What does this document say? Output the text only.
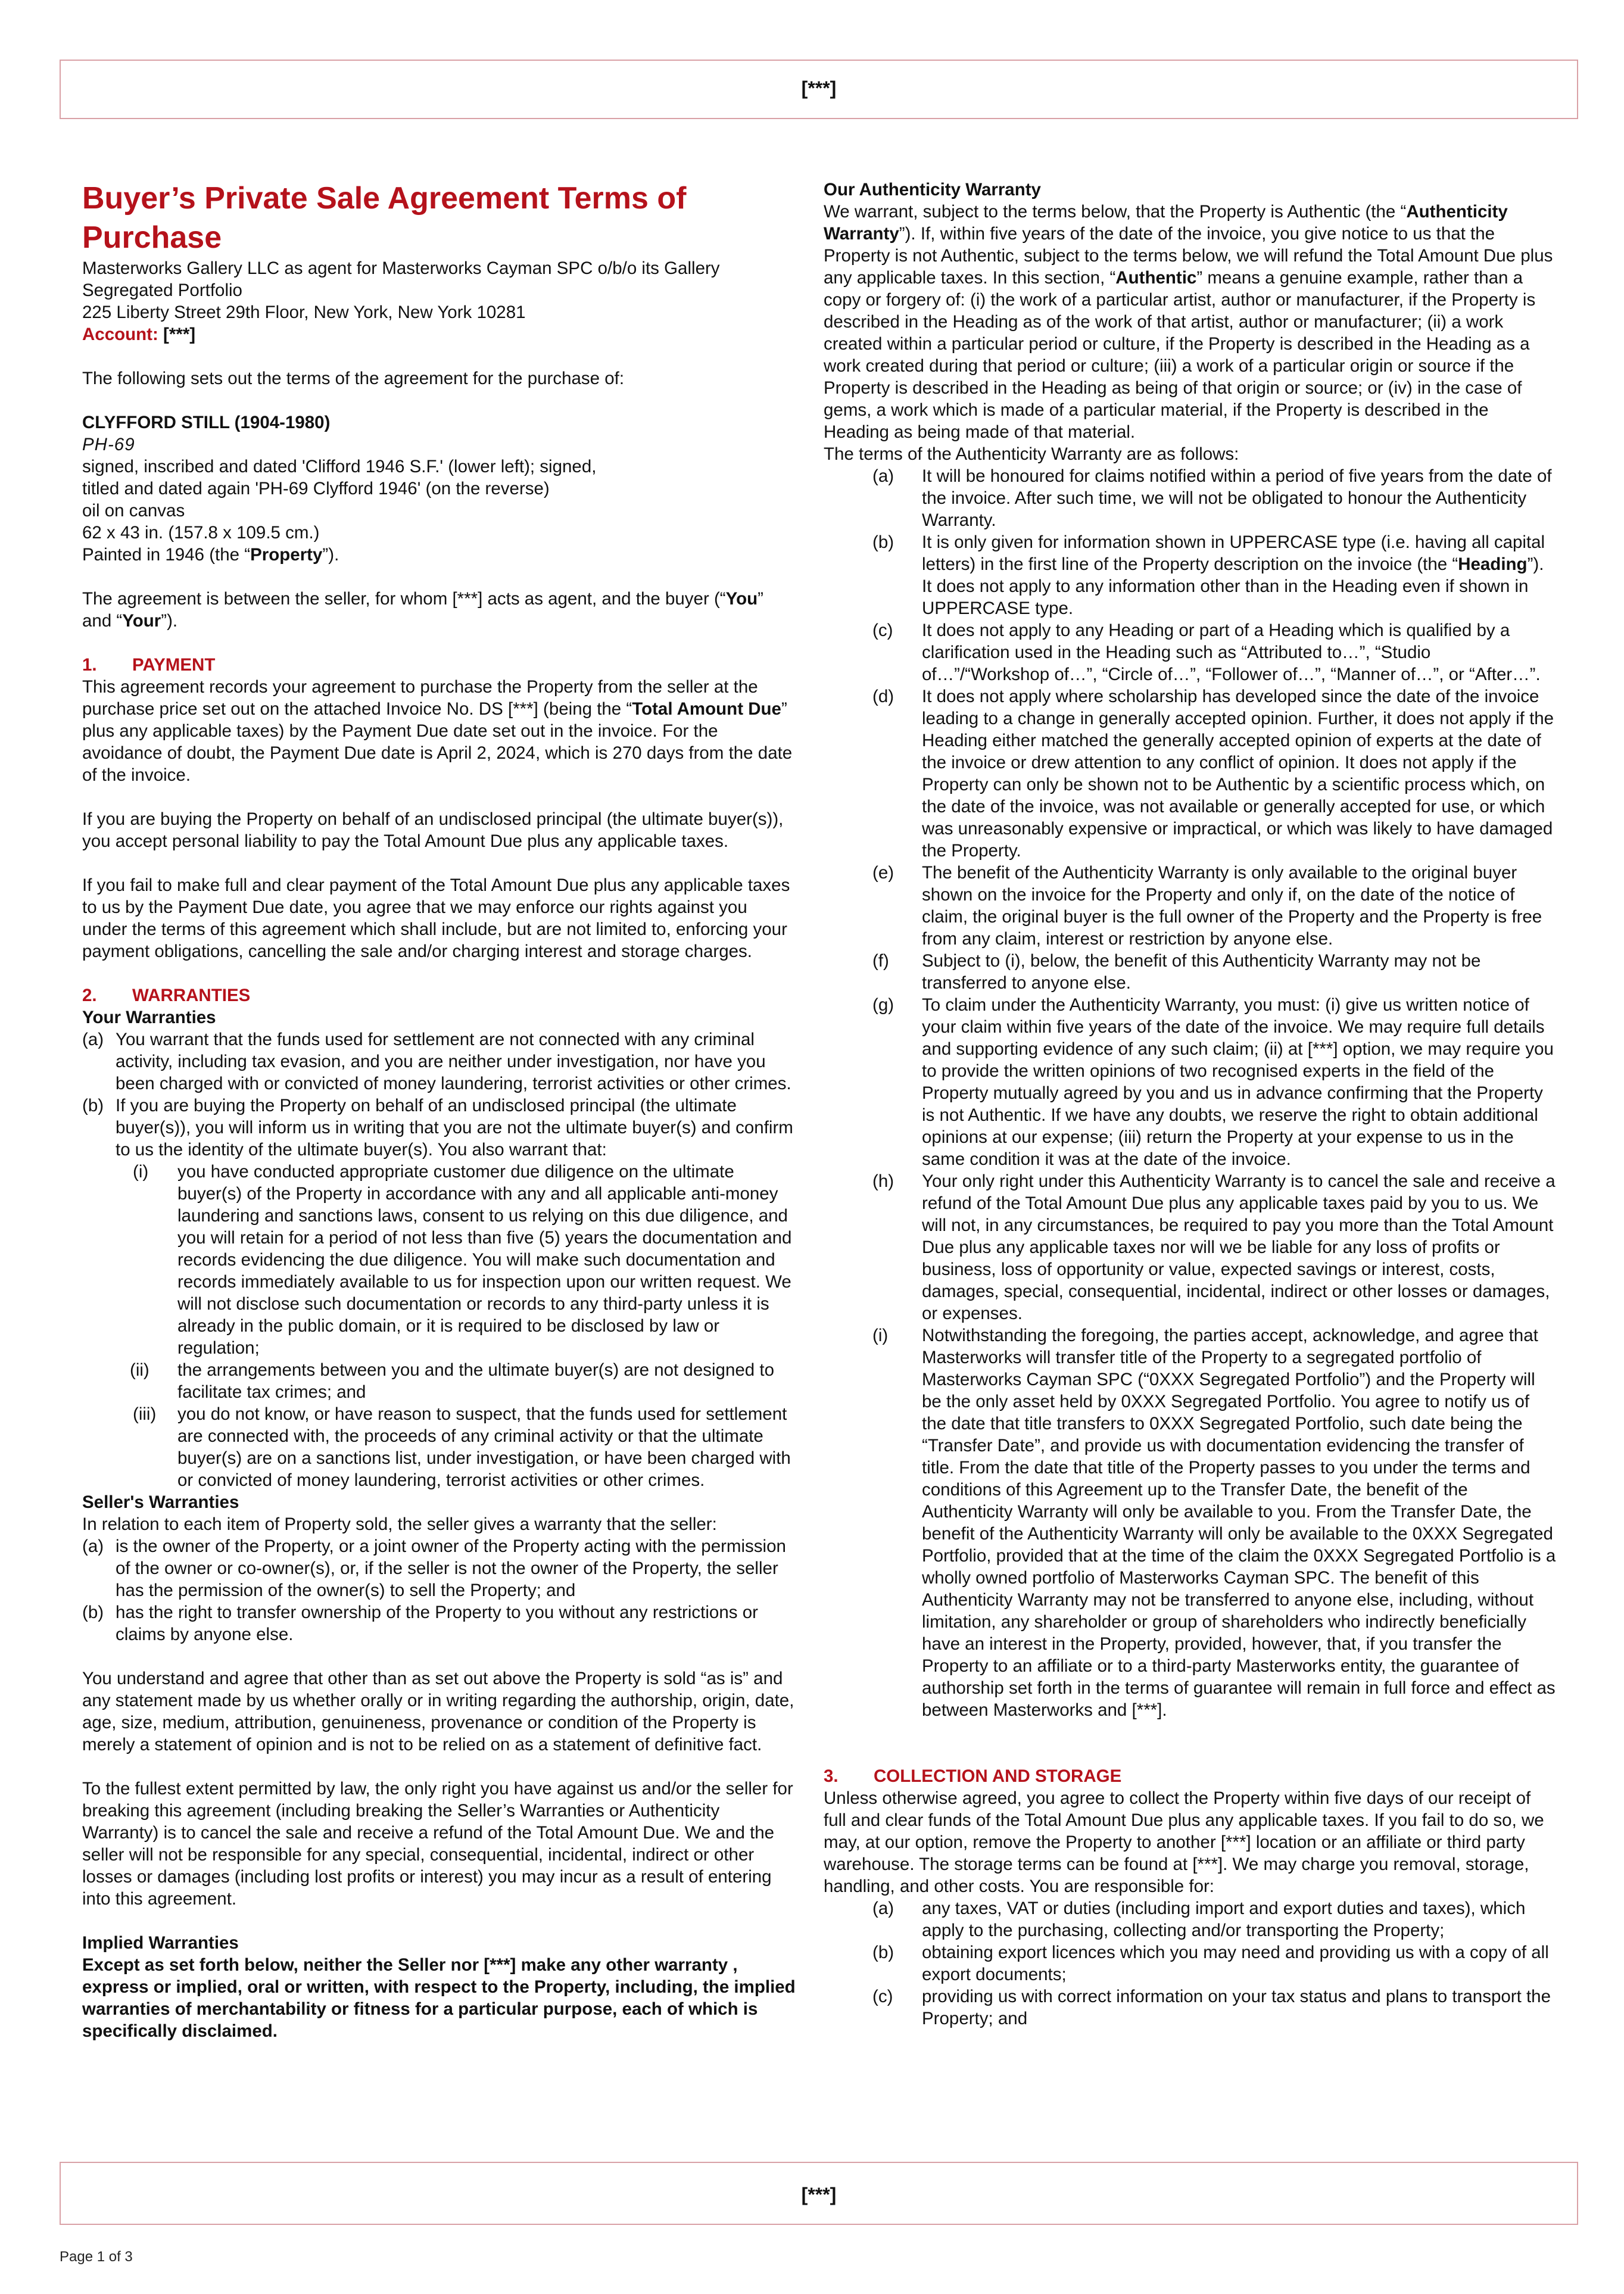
[***]
Buyer’s Private Sale Agreement Terms of Purchase

Masterworks Gallery LLC as agent for Masterworks Cayman SPC o/b/o its Gallery Segregated Portfolio

225 Liberty Street 29th Floor, New York, New York 10281

Account: [***]

The following sets out the terms of the agreement for the purchase of:

CLYFFORD STILL (1904-1980)

PH-69

signed, inscribed and dated 'Clifford 1946 S.F.' (lower left); signed,

titled and dated again 'PH-69 Clyfford 1946' (on the reverse)

oil on canvas

62 x 43 in. (157.8 x 109.5 cm.)

Painted in 1946 (the “Property”).

The agreement is between the seller, for whom [***] acts as agent, and the buyer (“You” and “Your”).

1. PAYMENT

This agreement records your agreement to purchase the Property from the seller at the purchase price set out on the attached Invoice No. DS [***] (being the “Total Amount Due” plus any applicable taxes) by the Payment Due date set out in the invoice. For the avoidance of doubt, the Payment Due date is April 2, 2024, which is 270 days from the date of the invoice.

If you are buying the Property on behalf of an undisclosed principal (the ultimate buyer(s)), you accept personal liability to pay the Total Amount Due plus any applicable taxes.

If you fail to make full and clear payment of the Total Amount Due plus any applicable taxes to us by the Payment Due date, you agree that we may enforce our rights against you under the terms of this agreement which shall include, but are not limited to, enforcing your payment obligations, cancelling the sale and/or charging interest and storage charges.

2. WARRANTIES

Your Warranties

(a) You warrant that the funds used for settlement are not connected with any criminal activity, including tax evasion, and you are neither under investigation, nor have you been charged with or convicted of money laundering, terrorist activities or other crimes.
(b) If you are buying the Property on behalf of an undisclosed principal (the ultimate buyer(s)), you will inform us in writing that you are not the ultimate buyer(s) and confirm to us the identity of the ultimate buyer(s). You also warrant that:
(i) you have conducted appropriate customer due diligence on the ultimate buyer(s) of the Property in accordance with any and all applicable anti-money laundering and sanctions laws, consent to us relying on this due diligence, and you will retain for a period of not less than five (5) years the documentation and records evidencing the due diligence. You will make such documentation and records immediately available to us for inspection upon our written request. We will not disclose such documentation or records to any third-party unless it is already in the public domain, or it is required to be disclosed by law or regulation;
(ii) the arrangements between you and the ultimate buyer(s) are not designed to facilitate tax crimes; and
(iii) you do not know, or have reason to suspect, that the funds used for settlement are connected with, the proceeds of any criminal activity or that the ultimate buyer(s) are on a sanctions list, under investigation, or have been charged with or convicted of money laundering, terrorist activities or other crimes.

Seller's Warranties

In relation to each item of Property sold, the seller gives a warranty that the seller:

(a) is the owner of the Property, or a joint owner of the Property acting with the permission of the owner or co-owner(s), or, if the seller is not the owner of the Property, the seller has the permission of the owner(s) to sell the Property; and
(b) has the right to transfer ownership of the Property to you without any restrictions or claims by anyone else.

You understand and agree that other than as set out above the Property is sold “as is” and any statement made by us whether orally or in writing regarding the authorship, origin, date, age, size, medium, attribution, genuineness, provenance or condition of the Property is merely a statement of opinion and is not to be relied on as a statement of definitive fact.

To the fullest extent permitted by law, the only right you have against us and/or the seller for breaking this agreement (including breaking the Seller’s Warranties or Authenticity Warranty) is to cancel the sale and receive a refund of the Total Amount Due. We and the seller will not be responsible for any special, consequential, incidental, indirect or other losses or damages (including lost profits or interest) you may incur as a result of entering into this agreement.

Implied Warranties

Except as set forth below, neither the Seller nor [***] make any other warranty , express or implied, oral or written, with respect to the Property, including, the implied warranties of merchantability or fitness for a particular purpose, each of which is specifically disclaimed.

Our Authenticity Warranty

We warrant, subject to the terms below, that the Property is Authentic (the “Authenticity Warranty”). If, within five years of the date of the invoice, you give notice to us that the Property is not Authentic, subject to the terms below, we will refund the Total Amount Due plus any applicable taxes. In this section, “Authentic” means a genuine example, rather than a copy or forgery of: (i) the work of a particular artist, author or manufacturer, if the Property is described in the Heading as of the work of that artist, author or manufacturer; (ii) a work created within a particular period or culture, if the Property is described in the Heading as a work created during that period or culture; (iii) a work of a particular origin or source if the Property is described in the Heading as being of that origin or source; or (iv) in the case of gems, a work which is made of a particular material, if the Property is described in the Heading as being made of that material.

The terms of the Authenticity Warranty are as follows:

(a) It will be honoured for claims notified within a period of five years from the date of the invoice. After such time, we will not be obligated to honour the Authenticity Warranty.
(b) It is only given for information shown in UPPERCASE type (i.e. having all capital letters) in the first line of the Property description on the invoice (the “Heading”). It does not apply to any information other than in the Heading even if shown in UPPERCASE type.
(c) It does not apply to any Heading or part of a Heading which is qualified by a clarification used in the Heading such as “Attributed to…”, “Studio of…”/“Workshop of…”, “Circle of…”, “Follower of…”, “Manner of…”, or “After…”.
(d) It does not apply where scholarship has developed since the date of the invoice leading to a change in generally accepted opinion. Further, it does not apply if the Heading either matched the generally accepted opinion of experts at the date of the invoice or drew attention to any conflict of opinion. It does not apply if the Property can only be shown not to be Authentic by a scientific process which, on the date of the invoice, was not available or generally accepted for use, or which was unreasonably expensive or impractical, or which was likely to have damaged the Property.
(e) The benefit of the Authenticity Warranty is only available to the original buyer shown on the invoice for the Property and only if, on the date of the notice of claim, the original buyer is the full owner of the Property and the Property is free from any claim, interest or restriction by anyone else.
(f) Subject to (i), below, the benefit of this Authenticity Warranty may not be transferred to anyone else.
(g) To claim under the Authenticity Warranty, you must: (i) give us written notice of your claim within five years of the date of the invoice. We may require full details and supporting evidence of any such claim; (ii) at [***] option, we may require you to provide the written opinions of two recognised experts in the field of the Property mutually agreed by you and us in advance confirming that the Property is not Authentic. If we have any doubts, we reserve the right to obtain additional opinions at our expense; (iii) return the Property at your expense to us in the same condition it was at the date of the invoice.
(h) Your only right under this Authenticity Warranty is to cancel the sale and receive a refund of the Total Amount Due plus any applicable taxes paid by you to us. We will not, in any circumstances, be required to pay you more than the Total Amount Due plus any applicable taxes nor will we be liable for any loss of profits or business, loss of opportunity or value, expected savings or interest, costs, damages, special, consequential, incidental, indirect or other losses or damages, or expenses.
(i) Notwithstanding the foregoing, the parties accept, acknowledge, and agree that Masterworks will transfer title of the Property to a segregated portfolio of Masterworks Cayman SPC (“0XXX Segregated Portfolio”) and the Property will be the only asset held by 0XXX Segregated Portfolio. You agree to notify us of the date that title transfers to 0XXX Segregated Portfolio, such date being the “Transfer Date”, and provide us with documentation evidencing the transfer of title. From the date that title of the Property passes to you under the terms and conditions of this Agreement up to the Transfer Date, the benefit of the Authenticity Warranty will only be available to you. From the Transfer Date, the benefit of the Authenticity Warranty will only be available to the 0XXX Segregated Portfolio, provided that at the time of the claim the 0XXX Segregated Portfolio is a wholly owned portfolio of Masterworks Cayman SPC. The benefit of this Authenticity Warranty may not be transferred to anyone else, including, without limitation, any shareholder or group of shareholders who indirectly beneficially have an interest in the Property, provided, however, that, if you transfer the Property to an affiliate or to a third-party Masterworks entity, the guarantee of authorship set forth in the terms of guarantee will remain in full force and effect as between Masterworks and [***].

3. COLLECTION AND STORAGE

Unless otherwise agreed, you agree to collect the Property within five days of our receipt of full and clear funds of the Total Amount Due plus any applicable taxes. If you fail to do so, we may, at our option, remove the Property to another [***] location or an affiliate or third party warehouse. The storage terms can be found at [***]. We may charge you removal, storage, handling, and other costs. You are responsible for:

(a) any taxes, VAT or duties (including import and export duties and taxes), which apply to the purchasing, collecting and/or transporting the Property;
(b) obtaining export licences which you may need and providing us with a copy of all export documents;
(c) providing us with correct information on your tax status and plans to transport the Property; and
[***]
Page 1 of 3
